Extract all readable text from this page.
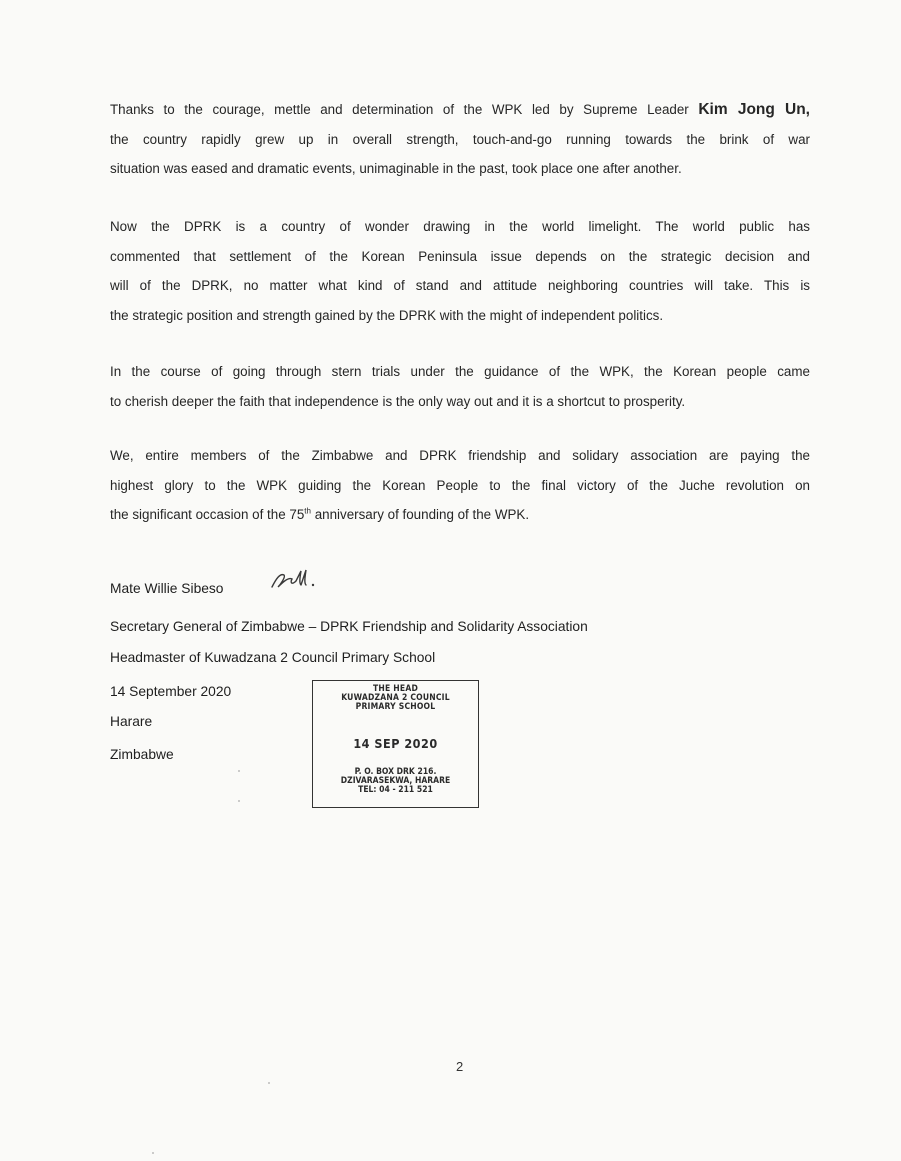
Thanks to the courage, mettle and determination of the WPK led by Supreme Leader Kim Jong Un,
the country rapidly grew up in overall strength, touch-and-go running towards the brink of war
situation was eased and dramatic events, unimaginable in the past, took place one after another.
Now the DPRK is a country of wonder drawing in the world limelight. The world public has
commented that settlement of the Korean Peninsula issue depends on the strategic decision and
will of the DPRK, no matter what kind of stand and attitude neighboring countries will take. This is
the strategic position and strength gained by the DPRK with the might of independent politics.
In the course of going through stern trials under the guidance of the WPK, the Korean people came
to cherish deeper the faith that independence is the only way out and it is a shortcut to prosperity.
We, entire members of the Zimbabwe and DPRK friendship and solidary association are paying the
highest glory to the WPK guiding the Korean People to the final victory of the Juche revolution on
the significant occasion of the 75th anniversary of founding of the WPK.
Mate Willie Sibeso
Secretary General of Zimbabwe – DPRK Friendship and Solidarity Association
Headmaster of Kuwadzana 2 Council Primary School
14 September 2020
Harare
Zimbabwe
THE HEAD
KUWADZANA 2 COUNCIL
PRIMARY SCHOOL
14 SEP 2020
P. O. BOX DRK 216.
DZIVARASEKWA, HARARE
TEL: 04 - 211 521
2
